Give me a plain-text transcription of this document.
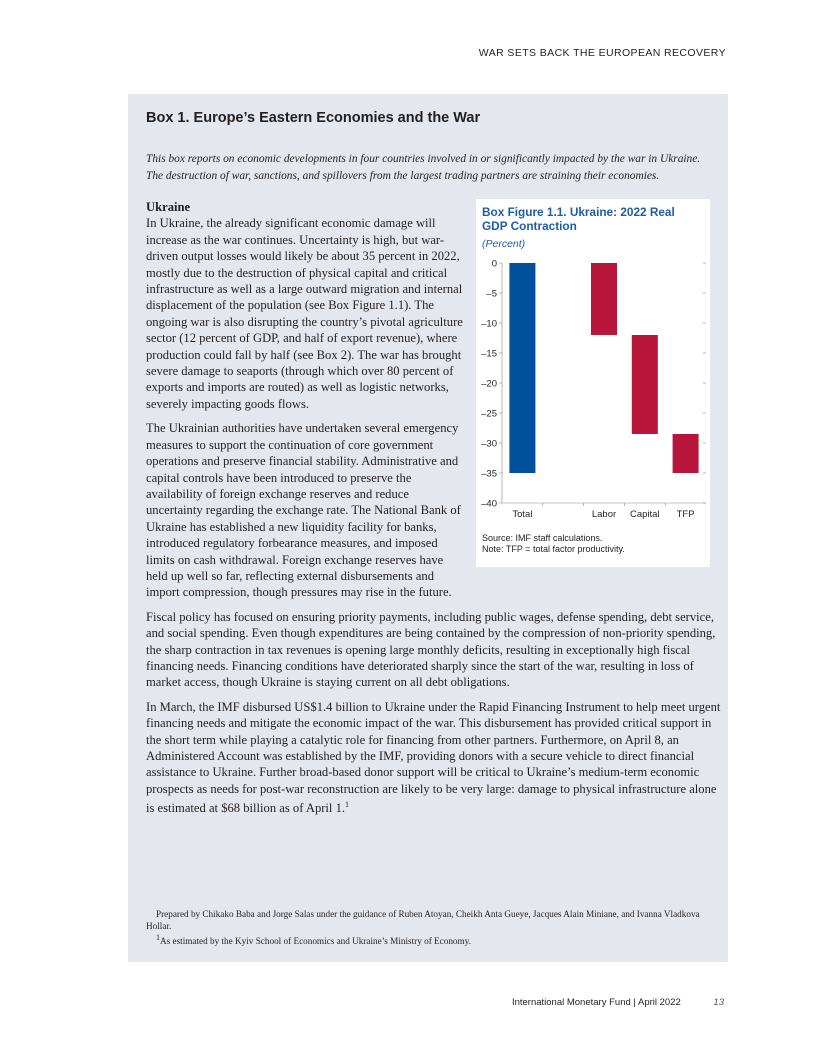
WAR SETS BACK THE EUROPEAN RECOVERY
Box 1. Europe’s Eastern Economies and the War

This box reports on economic developments in four countries involved in or significantly impacted by the war in Ukraine. The destruction of war, sanctions, and spillovers from the largest trading partners are straining their economies.

Box Figure 1.1. Ukraine: 2022 Real GDP Contraction
(Percent)
0
–5
–10
–15
–20
–25
–30
–35
–40
Total	Labor Capital TFP
Source: IMF staff calculations.
Note: TFP = total factor productivity.

Ukraine

In Ukraine, the already significant economic damage will increase as the war continues. Uncertainty is high, but war-driven output losses would likely be about 35 percent in 2022, mostly due to the destruction of physical capital and critical infrastructure as well as a large outward migration and internal displacement of the population (see Box Figure 1.1). The ongoing war is also disrupting the country’s pivotal agriculture sector (12 percent of GDP, and half of export revenue), where production could fall by half (see Box 2). The war has brought severe damage to seaports (through which over 80 percent of exports and imports are routed) as well as logistic networks, severely impacting goods flows.

The Ukrainian authorities have undertaken several emergency measures to support the continuation of core government operations and preserve financial stability. Administrative and capital controls have been introduced to preserve the availability of foreign exchange reserves and reduce uncertainty regarding the exchange rate. The National Bank of Ukraine has established a new liquidity facility for banks, introduced regulatory forbearance measures, and imposed limits on cash withdrawal. Foreign exchange reserves have held up well so far, reflecting external disbursements and import compression, though pressures may rise in the future.

Fiscal policy has focused on ensuring priority payments, including public wages, defense spending, debt service, and social spending. Even though expenditures are being contained by the compression of non-priority spending, the sharp contraction in tax revenues is opening large monthly deficits, resulting in exceptionally high fiscal financing needs. Financing conditions have deteriorated sharply since the start of the war, resulting in loss of market access, though Ukraine is staying current on all debt obligations.

In March, the IMF disbursed US$1.4 billion to Ukraine under the Rapid Financing Instrument to help meet urgent financing needs and mitigate the economic impact of the war. This disbursement has provided critical support in the short term while playing a catalytic role for financing from other partners. Furthermore, on April 8, an Administered Account was established by the IMF, providing donors with a secure vehicle to direct financial assistance to Ukraine. Further broad-based donor support will be critical to Ukraine’s medium-term economic prospects as needs for post-war reconstruction are likely to be very large: damage to physical infrastructure alone is estimated at $68 billion as of April 1.$^1$

Prepared by Chikako Baba and Jorge Salas under the guidance of Ruben Atoyan, Cheikh Anta Gueye, Jacques Alain Miniane, and Ivanna Vladkova Hollar.

1As estimated by the Kyiv School of Economics and Ukraine’s Ministry of Economy.

International Monetary Fund | April 2022	13
